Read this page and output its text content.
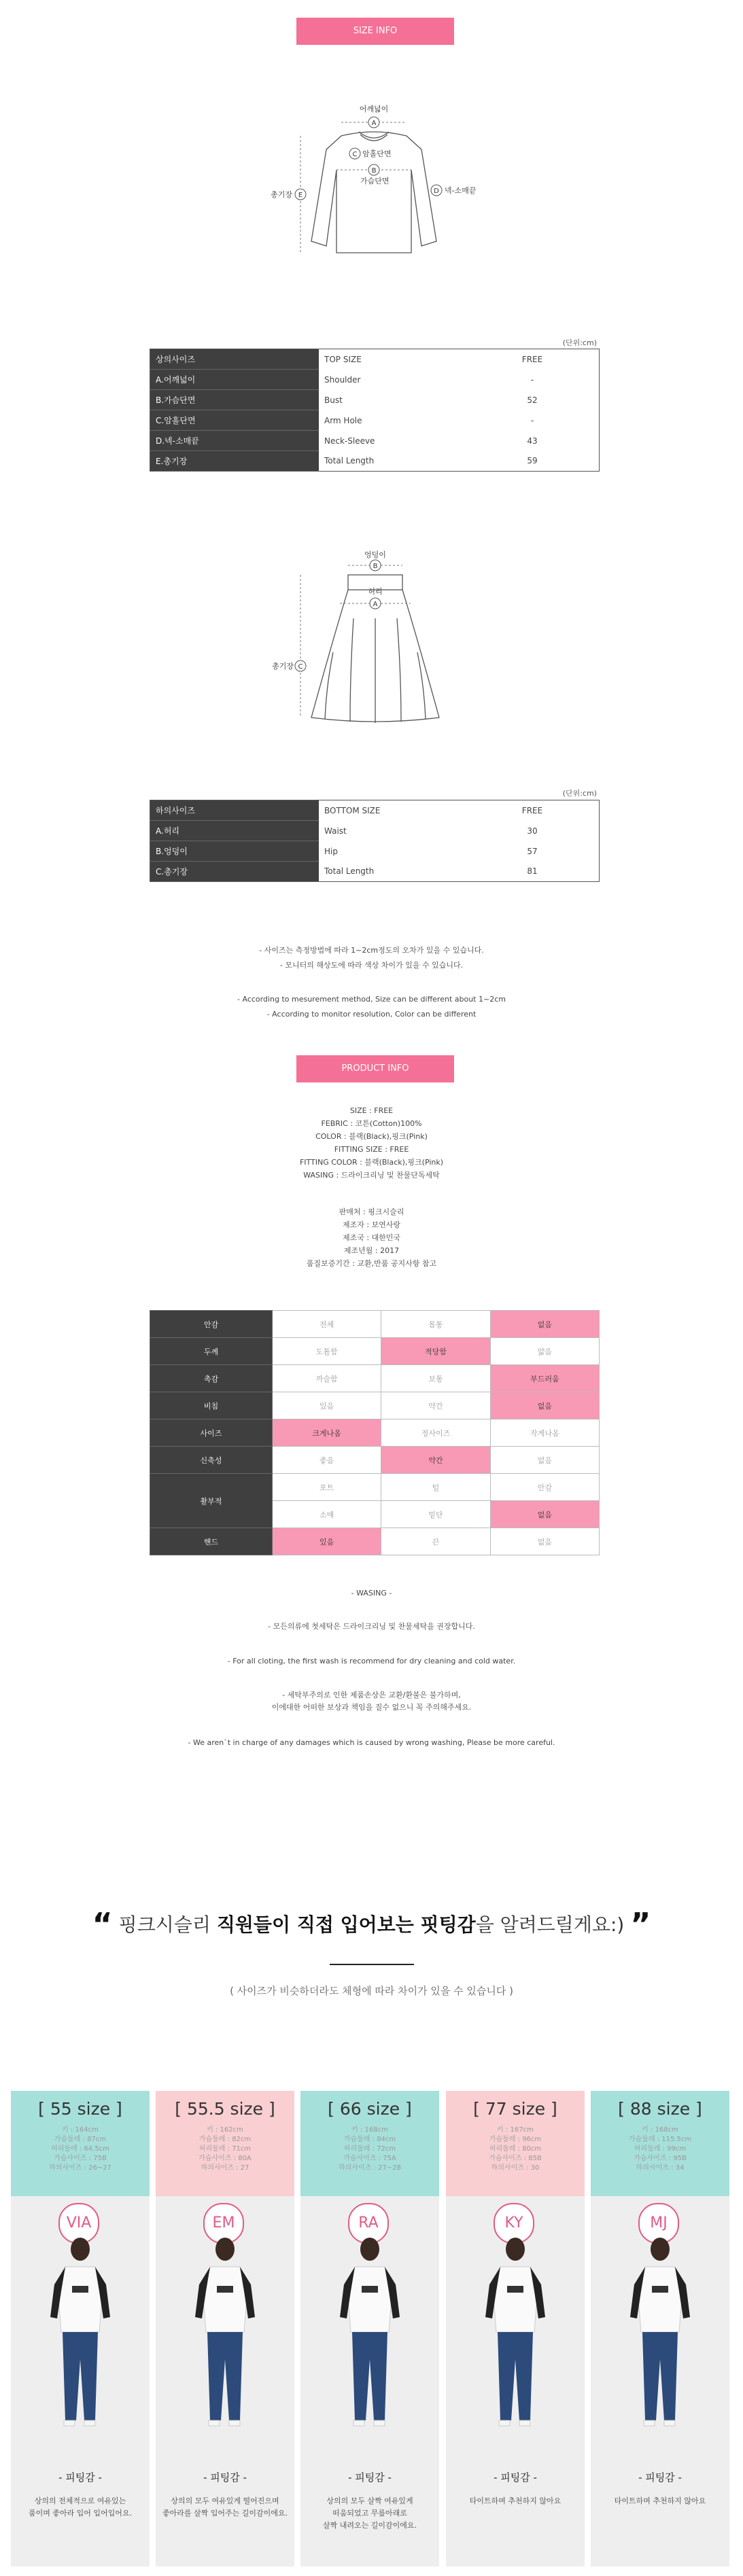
SIZE INFO
A
B
C
D
E
어깨넓이
암홀단면
가슴단면
넥-소매끝
총기장
(단위:cm)
상의사이즈	TOP SIZE	FREE
A.어깨넓이	Shoulder	-
B.가슴단면	Bust	52
C.암홀단면	Arm Hole	-
D.넥-소매끝	Neck-Sleeve	43
E.총기장	Total Length	59
A
B
C
엉덩이
허리
총기장
(단위:cm)
하의사이즈	BOTTOM SIZE	FREE
A.허리	Waist	30
B.엉덩이	Hip	57
C.총기장	Total Length	81
- 사이즈는 측정방법에 따라 1~2cm정도의 오차가 있을 수 있습니다.
- 모니터의 해상도에 따라 색상 차이가 있을 수 있습니다.
- According to mesurement method, Size can be different about 1~2cm
- According to monitor resolution, Color can be different
PRODUCT INFO
SIZE : FREE
FEBRIC : 코튼(Cotton)100%
COLOR : 블랙(Black),핑크(Pink)
FITTING SIZE : FREE
FITTING COLOR : 블랙(Black),핑크(Pink)
WASING : 드라이크리닝 및 찬물단독세탁
판매처 : 핑크시슬리
제조자 : 보연사랑
제조국 : 대한민국
제조년월 : 2017
품질보증기간 : 교환,반품 공지사항 참고
안감	전체	몸통	없음
두께	도톰함	적당함	얇음
촉감	까슬함	보통	부드러움
비침	있음	약간	없음
사이즈	크게나옴	정사이즈	작게나옴
신축성	좋음	약간	없음
촬부적	포트	털	안감
	소매	밑단	없음
핸드	있음	끈	없음
- WASING -
- 모든의류에 첫세탁은 드라이크리닝 및 찬물세탁을 권장합니다.
- For all cloting, the first wash is recommend for dry cleaning and cold water.
- 세탁부주의로 인한 제품손상은 교환/환불은 불가하며,
이에대한 어떠한 보상과 책임을 질수 없으니 꼭 주의해주세요.
- We aren`t in charge of any damages which is caused by wrong washing, Please be more careful.
“ 핑크시슬리 직원들이 직접 입어보는 핏팅감을 알려드릴게요:) ”
( 사이즈가 비슷하더라도 체형에 따라 차이가 있을 수 있습니다 )
[ 55 size ]
키 : 164cm
가슴둘레 : 87cm
허리둘레 : 64.5cm
가슴사이즈 : 75B
하의사이즈 : 26~27
VIA
- 피팅감 -
상의의 전체적으로 여유있는
품이며 좋아라 입어 입어입어요.
[ 55.5 size ]
키 : 162cm
가슴둘레 : 82cm
허리둘레 : 71cm
가슴사이즈 : 80A
하의사이즈 : 27
EM
- 피팅감 -
상의의 모두 여유있게 떨어진으며
좋아라를 살짝 입어주는 길이감이에요.
[ 66 size ]
키 : 168cm
가슴둘레 : 84cm
허리둘레 : 72cm
가슴사이즈 : 75A
하의사이즈 : 27~28
RA
- 피팅감 -
상의의 모두 살짝 여유있게
떠움되었고 무릎아래로
살짝 내려오는 길이감이에요.
[ 77 size ]
키 : 167cm
가슴둘레 : 96cm
허리둘레 : 80cm
가슴사이즈 : 85B
하의사이즈 : 30
KY
- 피팅감 -
타이트하며 추천하지 않아요
[ 88 size ]
키 : 168cm
가슴둘레 : 115.5cm
허리둘레 : 99cm
가슴사이즈 : 95B
하의사이즈 : 34
MJ
- 피팅감 -
타이트하며 추천하지 않아요
